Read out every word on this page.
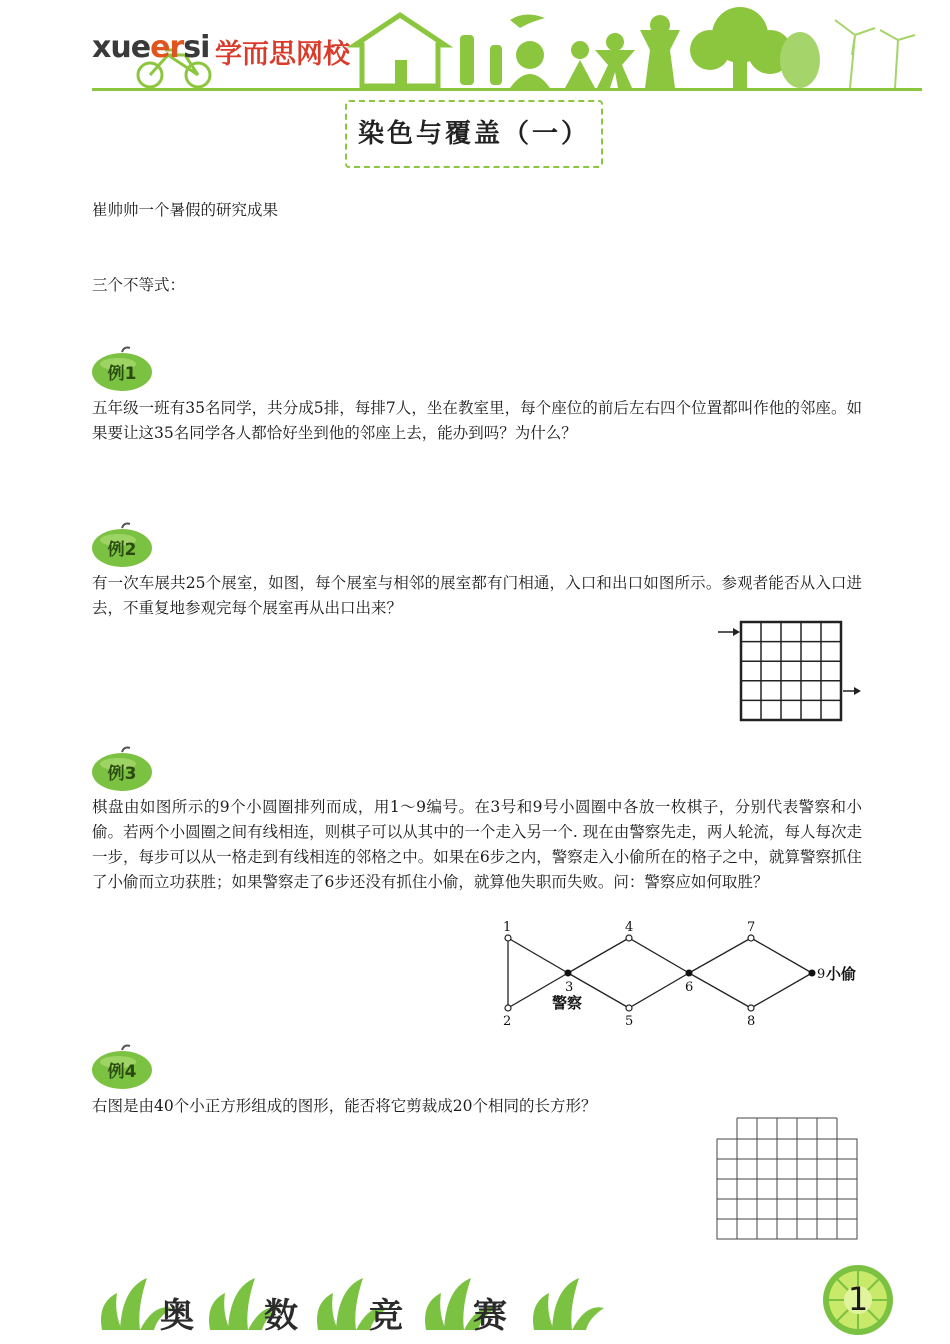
xueersi 学而思网校
染色与覆盖（一）
崔帅帅一个暑假的研究成果
三个不等式：
例1
五年级一班有35名同学，共分成5排，每排7人，坐在教室里，每个座位的前后左右四个位置都叫作他的邻座。如果要让这35名同学各人都恰好坐到他的邻座上去，能办到吗？为什么？
例2
有一次车展共25个展室，如图，每个展室与相邻的展室都有门相通，入口和出口如图所示。参观者能否从入口进去，不重复地参观完每个展室再从出口出来？
例3
棋盘由如图所示的9个小圆圈排列而成，用1～9编号。在3号和9号小圆圈中各放一枚棋子，分别代表警察和小偷。若两个小圆圈之间有线相连，则棋子可以从其中的一个走入另一个. 现在由警察先走，两人轮流，每人每次走一步，每步可以从一格走到有线相连的邻格之中。如果在6步之内，警察走入小偷所在的格子之中，就算警察抓住了小偷而立功获胜；如果警察走了6步还没有抓住小偷，就算他失职而失败。问：警察应如何取胜？
1
2
3
4
5
6
7
8
9
警察
小偷
例4
右图是由40个小正方形组成的图形，能否将它剪裁成20个相同的长方形？
奥 数 竞 赛	1
